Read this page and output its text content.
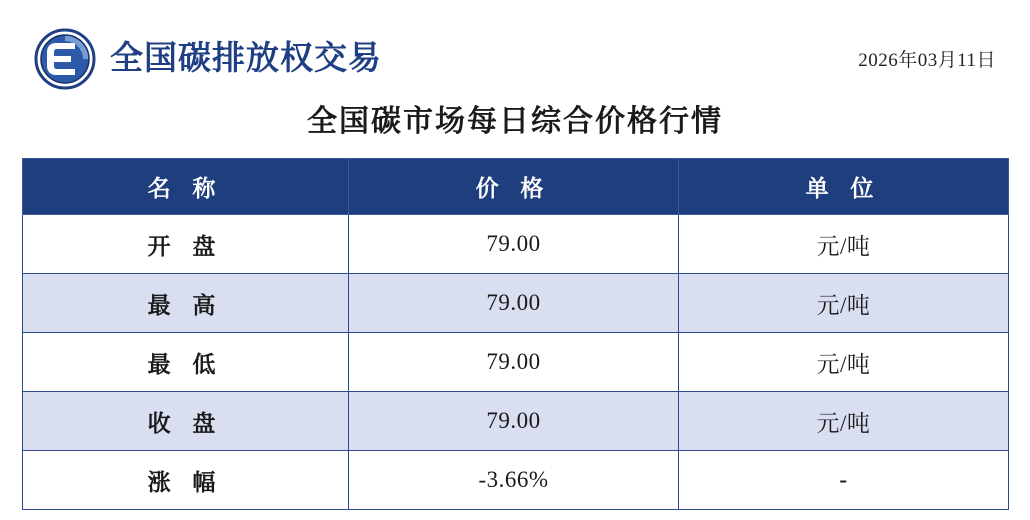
全国碳排放权交易	2026年03月11日
全国碳市场每日综合价格行情
名 称	价 格	单 位
开 盘	79.00	元/吨
最 高	79.00	元/吨
最 低	79.00	元/吨
收 盘	79.00	元/吨
涨 幅	-3.66%	-
